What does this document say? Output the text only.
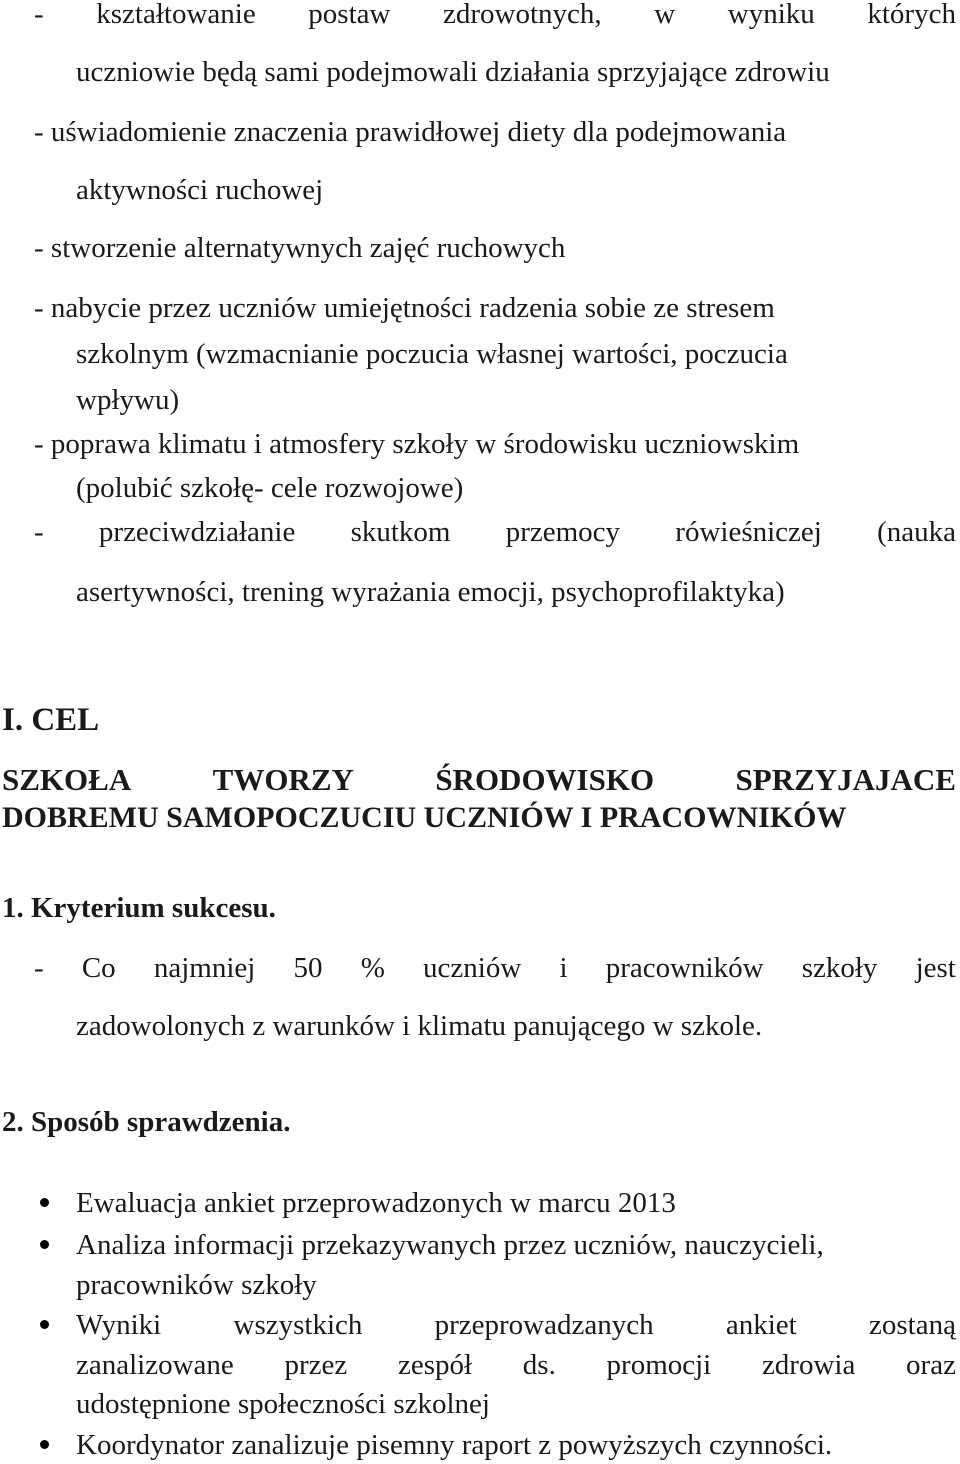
- kształtowanie postaw zdrowotnych, w wyniku których
uczniowie będą sami podejmowali działania sprzyjające zdrowiu
- uświadomienie znaczenia prawidłowej diety dla podejmowania
aktywności ruchowej
- stworzenie alternatywnych zajęć ruchowych
- nabycie przez uczniów umiejętności radzenia sobie ze stresem
szkolnym (wzmacnianie poczucia własnej wartości, poczucia
wpływu)
- poprawa klimatu i atmosfery szkoły w środowisku uczniowskim
(polubić szkołę- cele rozwojowe)
- przeciwdziałanie skutkom przemocy rówieśniczej (nauka
asertywności, trening wyrażania emocji, psychoprofilaktyka)
I. CEL
SZKOŁA	TWORZY	ŚRODOWISKO	SPRZYJAJACE
DOBREMU SAMOPOCZUCIU UCZNIÓW I PRACOWNIKÓW
1. Kryterium sukcesu.
- Co najmniej 50 % uczniów i pracowników szkoły jest
zadowolonych z warunków i klimatu panującego w szkole.
2. Sposób sprawdzenia.
Ewaluacja ankiet przeprowadzonych w marcu 2013
Analiza informacji przekazywanych przez uczniów, nauczycieli,
pracowników szkoły
Wyniki wszystkich przeprowadzanych ankiet zostaną
zanalizowane przez zespół ds. promocji zdrowia oraz
udostępnione społeczności szkolnej
Koordynator zanalizuje pisemny raport z powyższych czynności.
